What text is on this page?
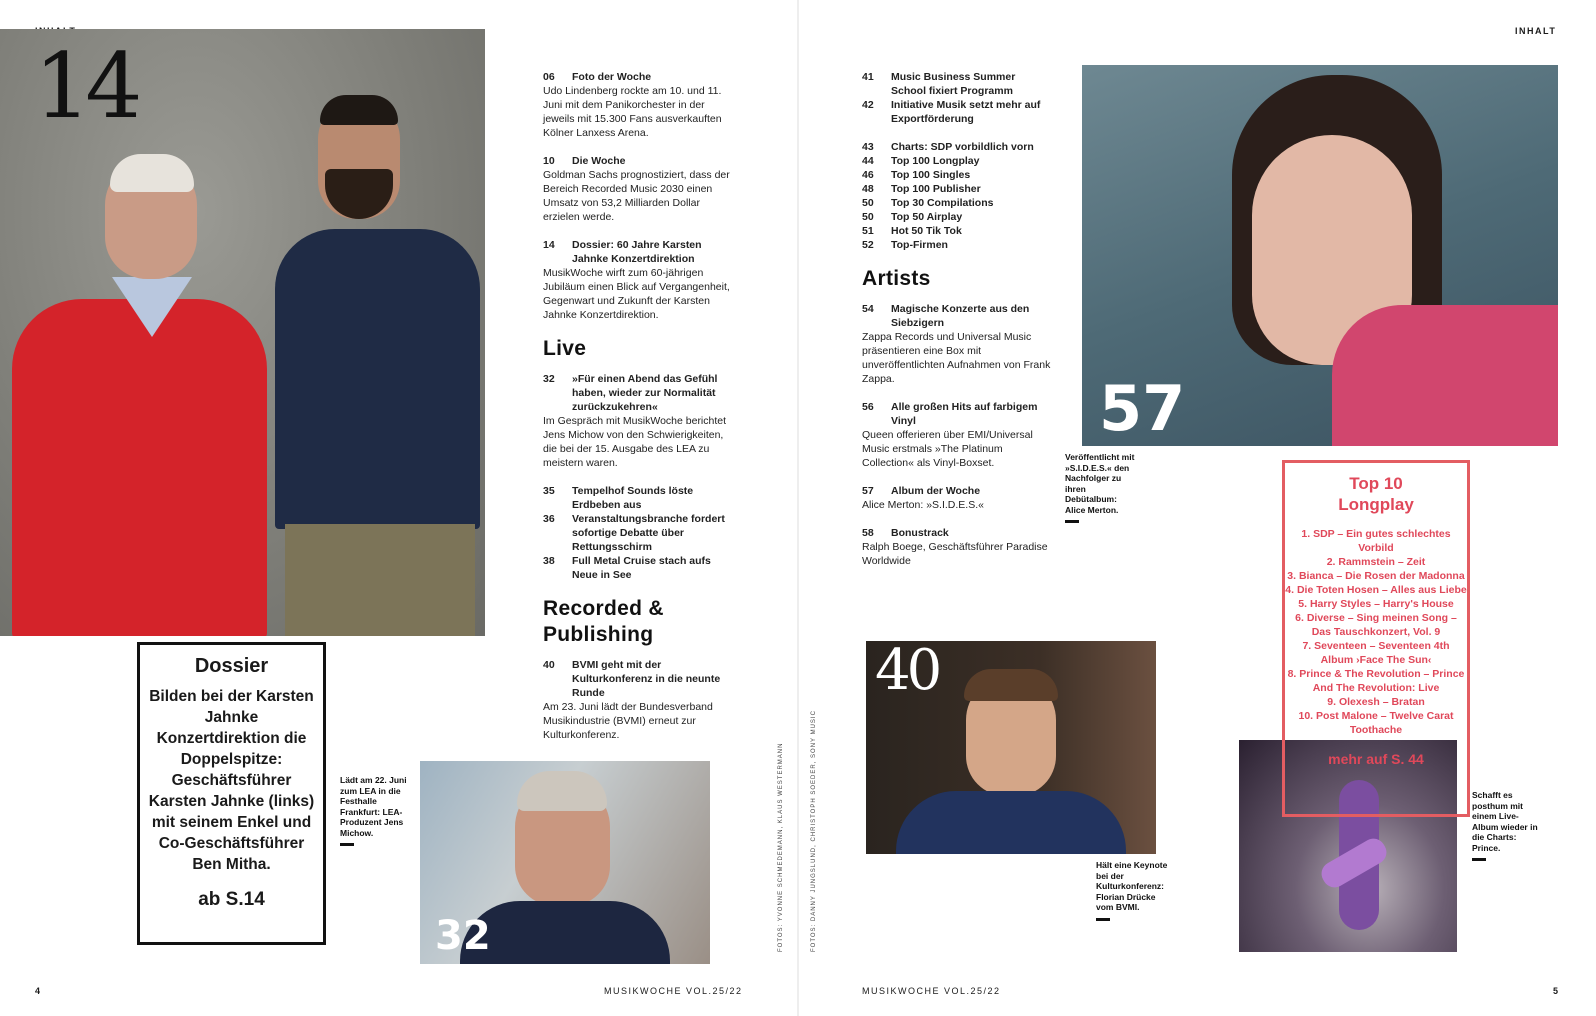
INHALT
14
Dossier
Bilden bei der Karsten Jahnke Konzertdirektion die Doppelspitze: Geschäftsführer Karsten Jahnke (links) mit seinem Enkel und Co-Geschäftsführer Ben Mitha.
ab S.14
Lädt am 22. Juni zum LEA in die Festhalle Frankfurt: LEA-Produzent Jens Michow.
32
06	Foto der Woche
Udo Lindenberg rockte am 10. und 11. Juni mit dem Panikorchester in der jeweils mit 15.300 Fans ausverkauften Kölner Lanxess Arena.
10	Die Woche
Goldman Sachs prognostiziert, dass der Bereich Recorded Music 2030 einen Umsatz von 53,2 Milliarden Dollar erzielen werde.
14	Dossier: 60 Jahre Karsten Jahnke Konzertdirektion
MusikWoche wirft zum 60-jährigen Jubiläum einen Blick auf Vergangenheit, Gegenwart und Zukunft der Karsten Jahnke Konzertdirektion.
Live
32	»Für einen Abend das Gefühl haben, wieder zur Normalität zurückzukehren«
Im Gespräch mit MusikWoche berichtet Jens Michow von den Schwierigkeiten, die bei der 15. Ausgabe des LEA zu meistern waren.
35	Tempelhof Sounds löste Erdbeben aus
36	Veranstaltungsbranche fordert sofortige Debatte über Rettungsschirm
38	Full Metal Cruise stach aufs Neue in See
Recorded & Publishing
40	BVMI geht mit der Kulturkonferenz in die neunte Runde
Am 23. Juni lädt der Bundesverband Musikindustrie (BVMI) erneut zur Kulturkonferenz.
FOTOS: YVONNE SCHMEDEMANN, KLAUS WESTERMANN	FOTOS: DANNY JUNGSLUND, CHRISTOPH SOEDER, SONY MUSIC
41	Music Business Summer School fixiert Programm
42	Initiative Musik setzt mehr auf Exportförderung
43	Charts: SDP vorbildlich vorn
44	Top 100 Longplay
46	Top 100 Singles
48	Top 100 Publisher
50	Top 30 Compilations
50	Top 50 Airplay
51	Hot 50 Tik Tok
52	Top-Firmen
Artists
54	Magische Konzerte aus den Siebzigern
Zappa Records und Universal Music präsentieren eine Box mit unveröffentlichten Aufnahmen von Frank Zappa.
56	Alle großen Hits auf farbigem Vinyl
Queen offerieren über EMI/Universal Music erstmals »The Platinum Collection« als Vinyl-Boxset.
57	Album der Woche
Alice Merton: »S.I.D.E.S.«
58	Bonustrack
Ralph Boege, Geschäftsführer Paradise Worldwide
40
Hält eine Keynote bei der Kulturkonferenz: Florian Drücke vom BVMI.
57
Veröffentlicht mit »S.I.D.E.S.« den Nachfolger zu ihren Debütalbum: Alice Merton.
Top 10 Longplay
1. SDP – Ein gutes schlechtes Vorbild
2. Rammstein – Zeit
3. Bianca – Die Rosen der Madonna
4. Die Toten Hosen – Alles aus Liebe
5. Harry Styles – Harry's House
6. Diverse – Sing meinen Song – Das Tauschkonzert, Vol. 9
7. Seventeen – Seventeen 4th Album ›Face The Sun‹
8. Prince & The Revolution – Prince And The Revolution: Live
9. Olexesh – Bratan
10. Post Malone – Twelve Carat Toothache
mehr auf S. 44
Schafft es posthum mit einem Live-Album wieder in die Charts: Prince.
4	MUSIKWOCHE VOL.25/22	MUSIKWOCHE VOL.25/22	5
